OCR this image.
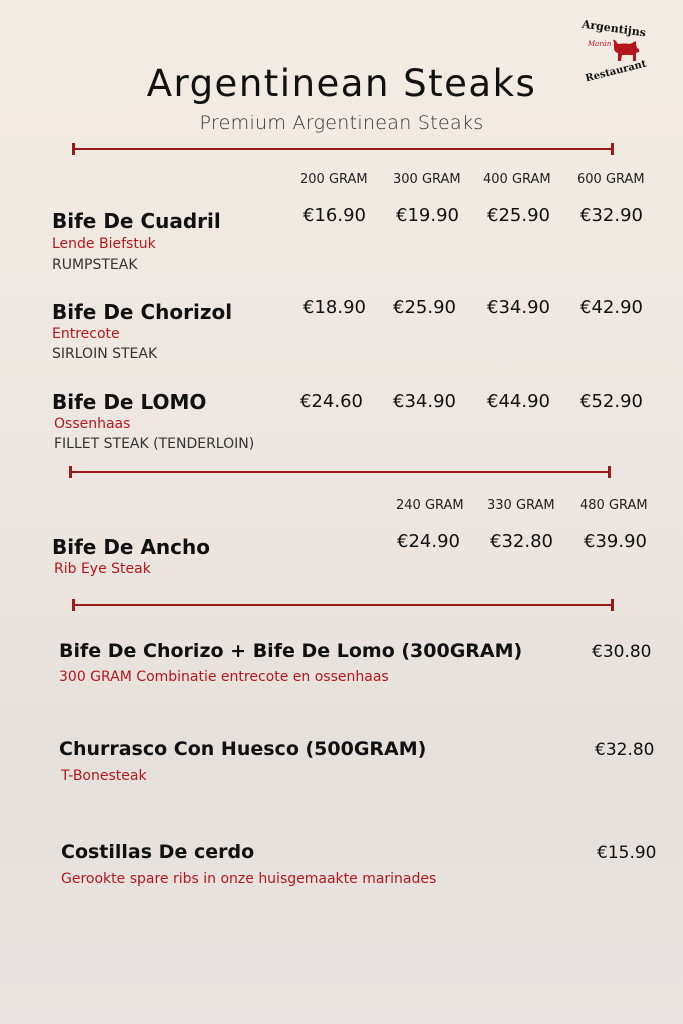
Argentijns
Marán
Restaurant
Argentinean Steaks
Premium Argentinean Steaks
200 GRAM 300 GRAM 400 GRAM 600 GRAM
Bife De Cuadril
Lende Biefstuk
RUMPSTEAK
€16.90 €19.90 €25.90 €32.90
Bife De Chorizol
Entrecote
SIRLOIN STEAK
€18.90 €25.90 €34.90 €42.90
Bife De LOMO
Ossenhaas
FILLET STEAK (TENDERLOIN)
€24.60 €34.90 €44.90 €52.90
240 GRAM 330 GRAM 480 GRAM
Bife De Ancho
Rib Eye Steak
€24.90 €32.80 €39.90
Bife De Chorizo + Bife De Lomo (300GRAM)
300 GRAM Combinatie entrecote en ossenhaas
€30.80
Churrasco Con Huesco (500GRAM)
T-Bonesteak
€32.80
Costillas De cerdo
Gerookte spare ribs in onze huisgemaakte marinades
€15.90
